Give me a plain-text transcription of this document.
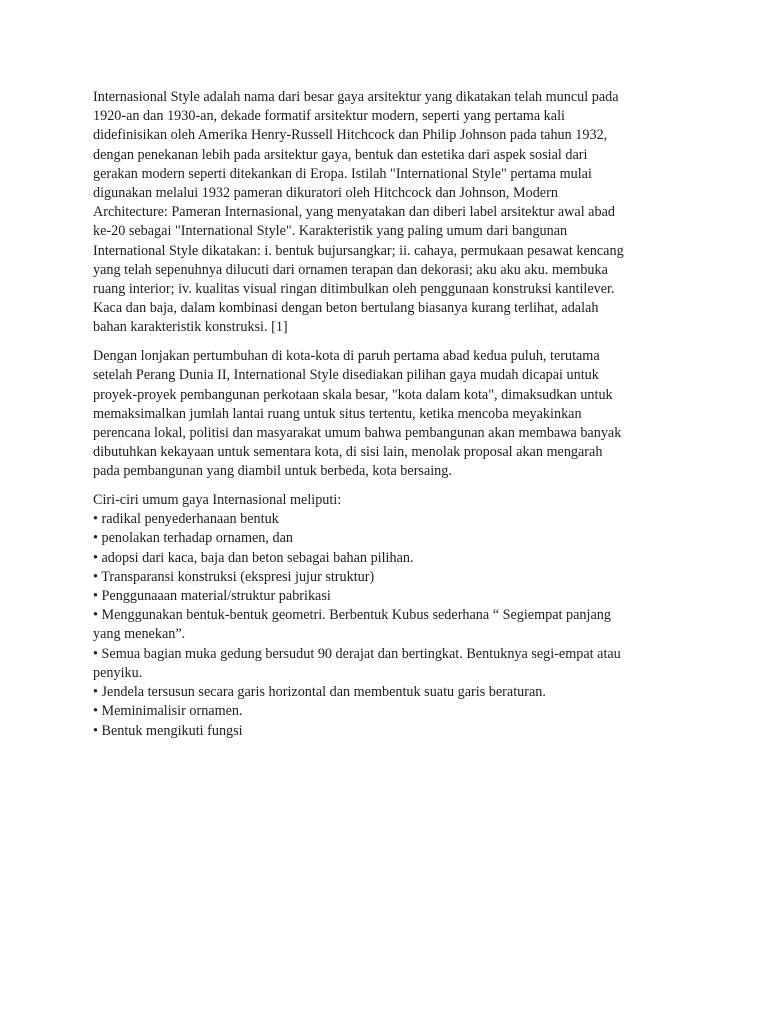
Internasional Style adalah nama dari besar gaya arsitektur yang dikatakan telah muncul pada
1920-an dan 1930-an, dekade formatif arsitektur modern, seperti yang pertama kali
didefinisikan oleh Amerika Henry-Russell Hitchcock dan Philip Johnson pada tahun 1932,
dengan penekanan lebih pada arsitektur gaya, bentuk dan estetika dari aspek sosial dari
gerakan modern seperti ditekankan di Eropa. Istilah "International Style" pertama mulai
digunakan melalui 1932 pameran dikuratori oleh Hitchcock dan Johnson, Modern
Architecture: Pameran Internasional, yang menyatakan dan diberi label arsitektur awal abad
ke-20 sebagai "International Style". Karakteristik yang paling umum dari bangunan
International Style dikatakan: i. bentuk bujursangkar; ii. cahaya, permukaan pesawat kencang
yang telah sepenuhnya dilucuti dari ornamen terapan dan dekorasi; aku aku aku. membuka
ruang interior; iv. kualitas visual ringan ditimbulkan oleh penggunaan konstruksi kantilever.
Kaca dan baja, dalam kombinasi dengan beton bertulang biasanya kurang terlihat, adalah
bahan karakteristik konstruksi. [1]

Dengan lonjakan pertumbuhan di kota-kota di paruh pertama abad kedua puluh, terutama
setelah Perang Dunia II, International Style disediakan pilihan gaya mudah dicapai untuk
proyek-proyek pembangunan perkotaan skala besar, "kota dalam kota", dimaksudkan untuk
memaksimalkan jumlah lantai ruang untuk situs tertentu, ketika mencoba meyakinkan
perencana lokal, politisi dan masyarakat umum bahwa pembangunan akan membawa banyak
dibutuhkan kekayaan untuk sementara kota, di sisi lain, menolak proposal akan mengarah
pada pembangunan yang diambil untuk berbeda, kota bersaing.

Ciri-ciri umum gaya Internasional meliputi:
• radikal penyederhanaan bentuk
• penolakan terhadap ornamen, dan
• adopsi dari kaca, baja dan beton sebagai bahan pilihan.
• Transparansi konstruksi (ekspresi jujur struktur)
• Penggunaaan material/struktur pabrikasi
• Menggunakan bentuk-bentuk geometri. Berbentuk Kubus sederhana “ Segiempat panjang
yang menekan”.
• Semua bagian muka gedung bersudut 90 derajat dan bertingkat. Bentuknya segi-empat atau
penyiku.
• Jendela tersusun secara garis horizontal dan membentuk suatu garis beraturan.
• Meminimalisir ornamen.
• Bentuk mengikuti fungsi
